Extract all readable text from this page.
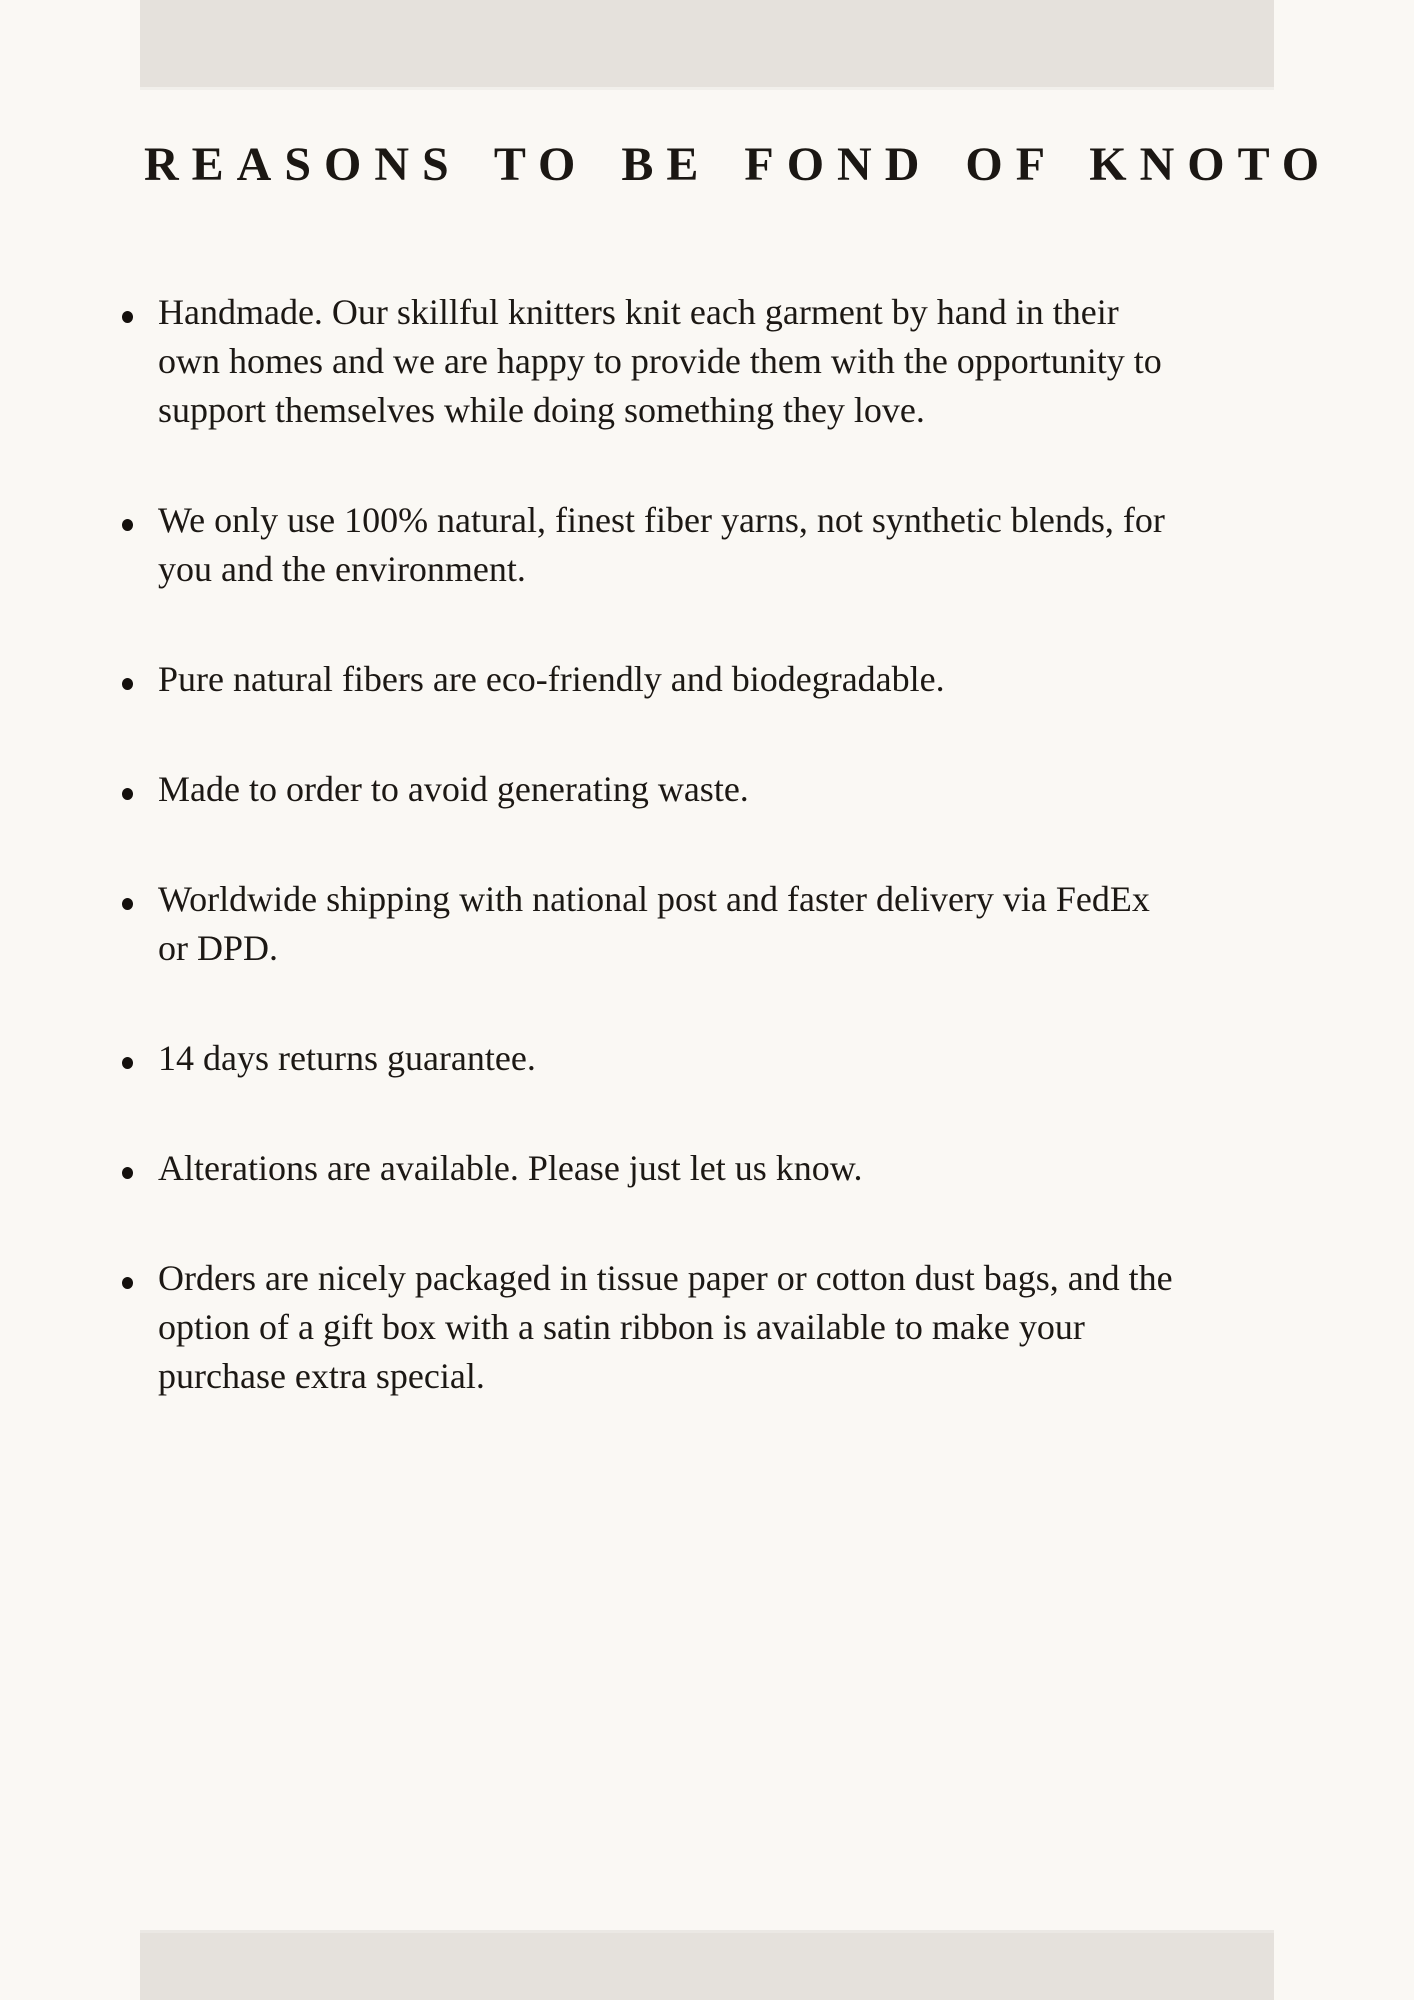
REASONS TO BE FOND OF KNOTO
Handmade. Our skillful knitters knit each garment by hand in their
own homes and we are happy to provide them with the opportunity to
support themselves while doing something they love.
We only use 100% natural, finest fiber yarns, not synthetic blends, for
you and the environment.
Pure natural fibers are eco-friendly and biodegradable.
Made to order to avoid generating waste.
Worldwide shipping with national post and faster delivery via FedEx
or DPD.
14 days returns guarantee.
Alterations are available. Please just let us know.
Orders are nicely packaged in tissue paper or cotton dust bags, and the
option of a gift box with a satin ribbon is available to make your
purchase extra special.
